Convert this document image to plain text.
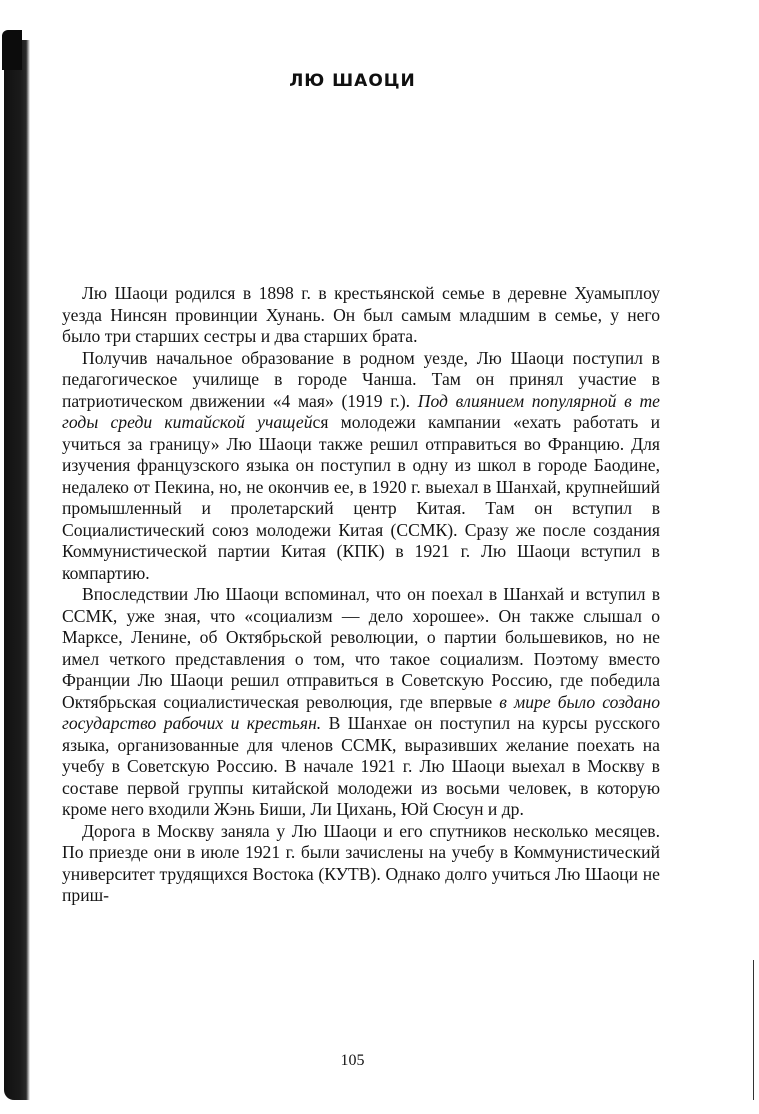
ЛЮ ШАОЦИ

Лю Шаоци родился в 1898 г. в крестьянской семье в деревне Хуамыплоу уезда Нинсян провинции Хунань. Он был самым младшим в семье, у него было три старших сестры и два старших брата.

Получив начальное образование в родном уезде, Лю Шаоци поступил в педагогическое училище в городе Чанша. Там он принял участие в патриотическом движении «4 мая» (1919 г.). Под влиянием популярной в те годы среди китайской учащейся молодежи кампании «ехать работать и учиться за границу» Лю Шаоци также решил отправиться во Францию. Для изучения французского языка он поступил в одну из школ в городе Баодине, недалеко от Пекина, но, не окончив ее, в 1920 г. выехал в Шанхай, крупнейший промышленный и пролетарский центр Китая. Там он вступил в Социалистический союз молодежи Китая (ССМК). Сразу же после создания Коммунистической партии Китая (КПК) в 1921 г. Лю Шаоци вступил в компартию.

Впоследствии Лю Шаоци вспоминал, что он поехал в Шанхай и вступил в ССМК, уже зная, что «социализм — дело хорошее». Он также слышал о Марксе, Ленине, об Октябрьской революции, о партии большевиков, но не имел четкого представления о том, что такое социализм. Поэтому вместо Франции Лю Шаоци решил отправиться в Советскую Россию, где победила Октябрьская социалистическая революция, где впервые в мире было создано государство рабочих и крестьян. В Шанхае он поступил на курсы русского языка, организованные для членов ССМК, выразивших желание поехать на учебу в Советскую Россию. В начале 1921 г. Лю Шаоци выехал в Москву в составе первой группы китайской молодежи из восьми человек, в которую кроме него входили Жэнь Биши, Ли Цихань, Юй Сюсун и др.

Дорога в Москву заняла у Лю Шаоци и его спутников несколько месяцев. По приезде они в июле 1921 г. были зачислены на учебу в Коммунистический университет трудящихся Востока (КУТВ). Однако долго учиться Лю Шаоци не приш-

105
